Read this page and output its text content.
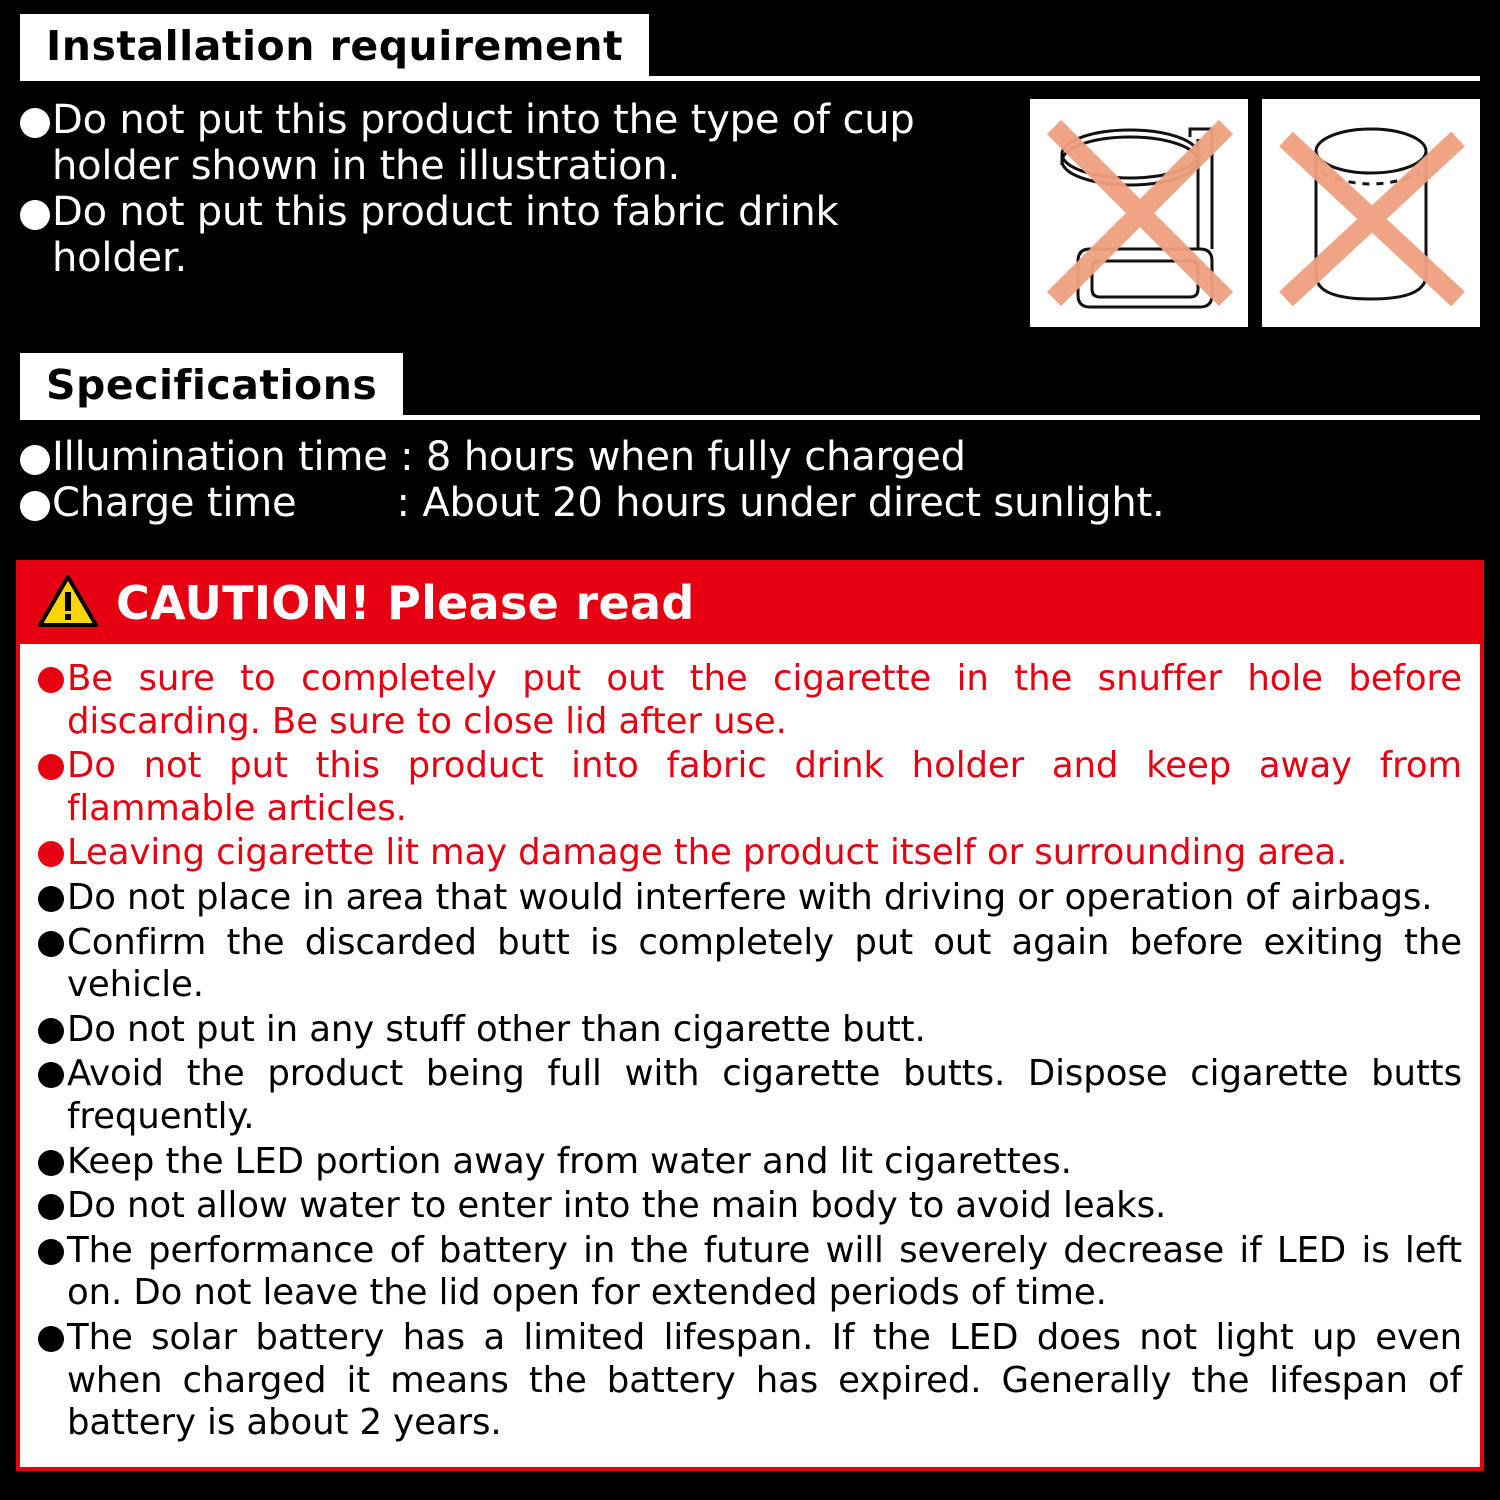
Installation requirement
Do not put this product into the type of cup holder shown in the illustration.
Do not put this product into fabric drink holder.
Specifications
Illumination time : 8 hours when fully charged
Charge time        : About 20 hours under direct sunlight.
CAUTION! Please read
Be sure to completely put out the cigarette in the snuffer hole before discarding. Be sure to close lid after use.
Do not put this product into fabric drink holder and keep away from flammable articles.
Leaving cigarette lit may damage the product itself or surrounding area.
Do not place in area that would interfere with driving or operation of airbags.
Confirm the discarded butt is completely put out again before exiting the vehicle.
Do not put in any stuff other than cigarette butt.
Avoid the product being full with cigarette butts. Dispose cigarette butts frequently.
Keep the LED portion away from water and lit cigarettes.
Do not allow water to enter into the main body to avoid leaks.
The performance of battery in the future will severely decrease if LED is left on. Do not leave the lid open for extended periods of time.
The solar battery has a limited lifespan. If the LED does not light up even when charged it means the battery has expired. Generally the lifespan of battery is about 2 years.
